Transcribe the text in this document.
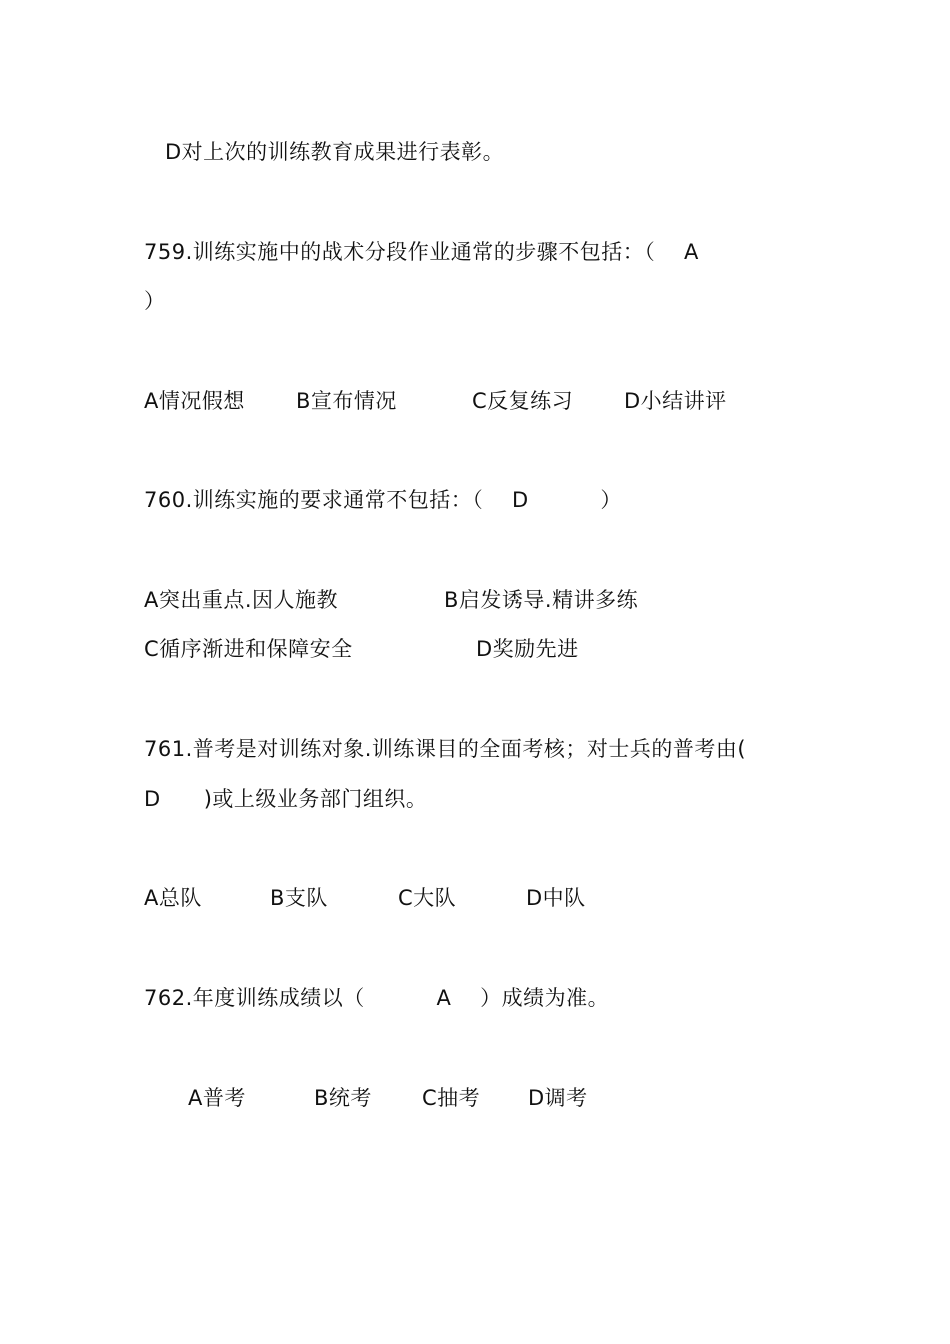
D对上次的训练教育成果进行表彰。
759.训练实施中的战术分段作业通常的步骤不包括：（    A
）
A情况假想 B宣布情况	C反复练习 D小结讲评
760.训练实施的要求通常不包括：（    D          ）
A突出重点.因人施教	B启发诱导.精讲多练
C循序渐进和保障安全	D奖励先进
761.普考是对训练对象.训练课目的全面考核；对士兵的普考由(
D      )或上级业务部门组织。
A总队	B支队	C大队	D中队
762.年度训练成绩以（          A    ）成绩为准。
A普考	B统考 C抽考 D调考
